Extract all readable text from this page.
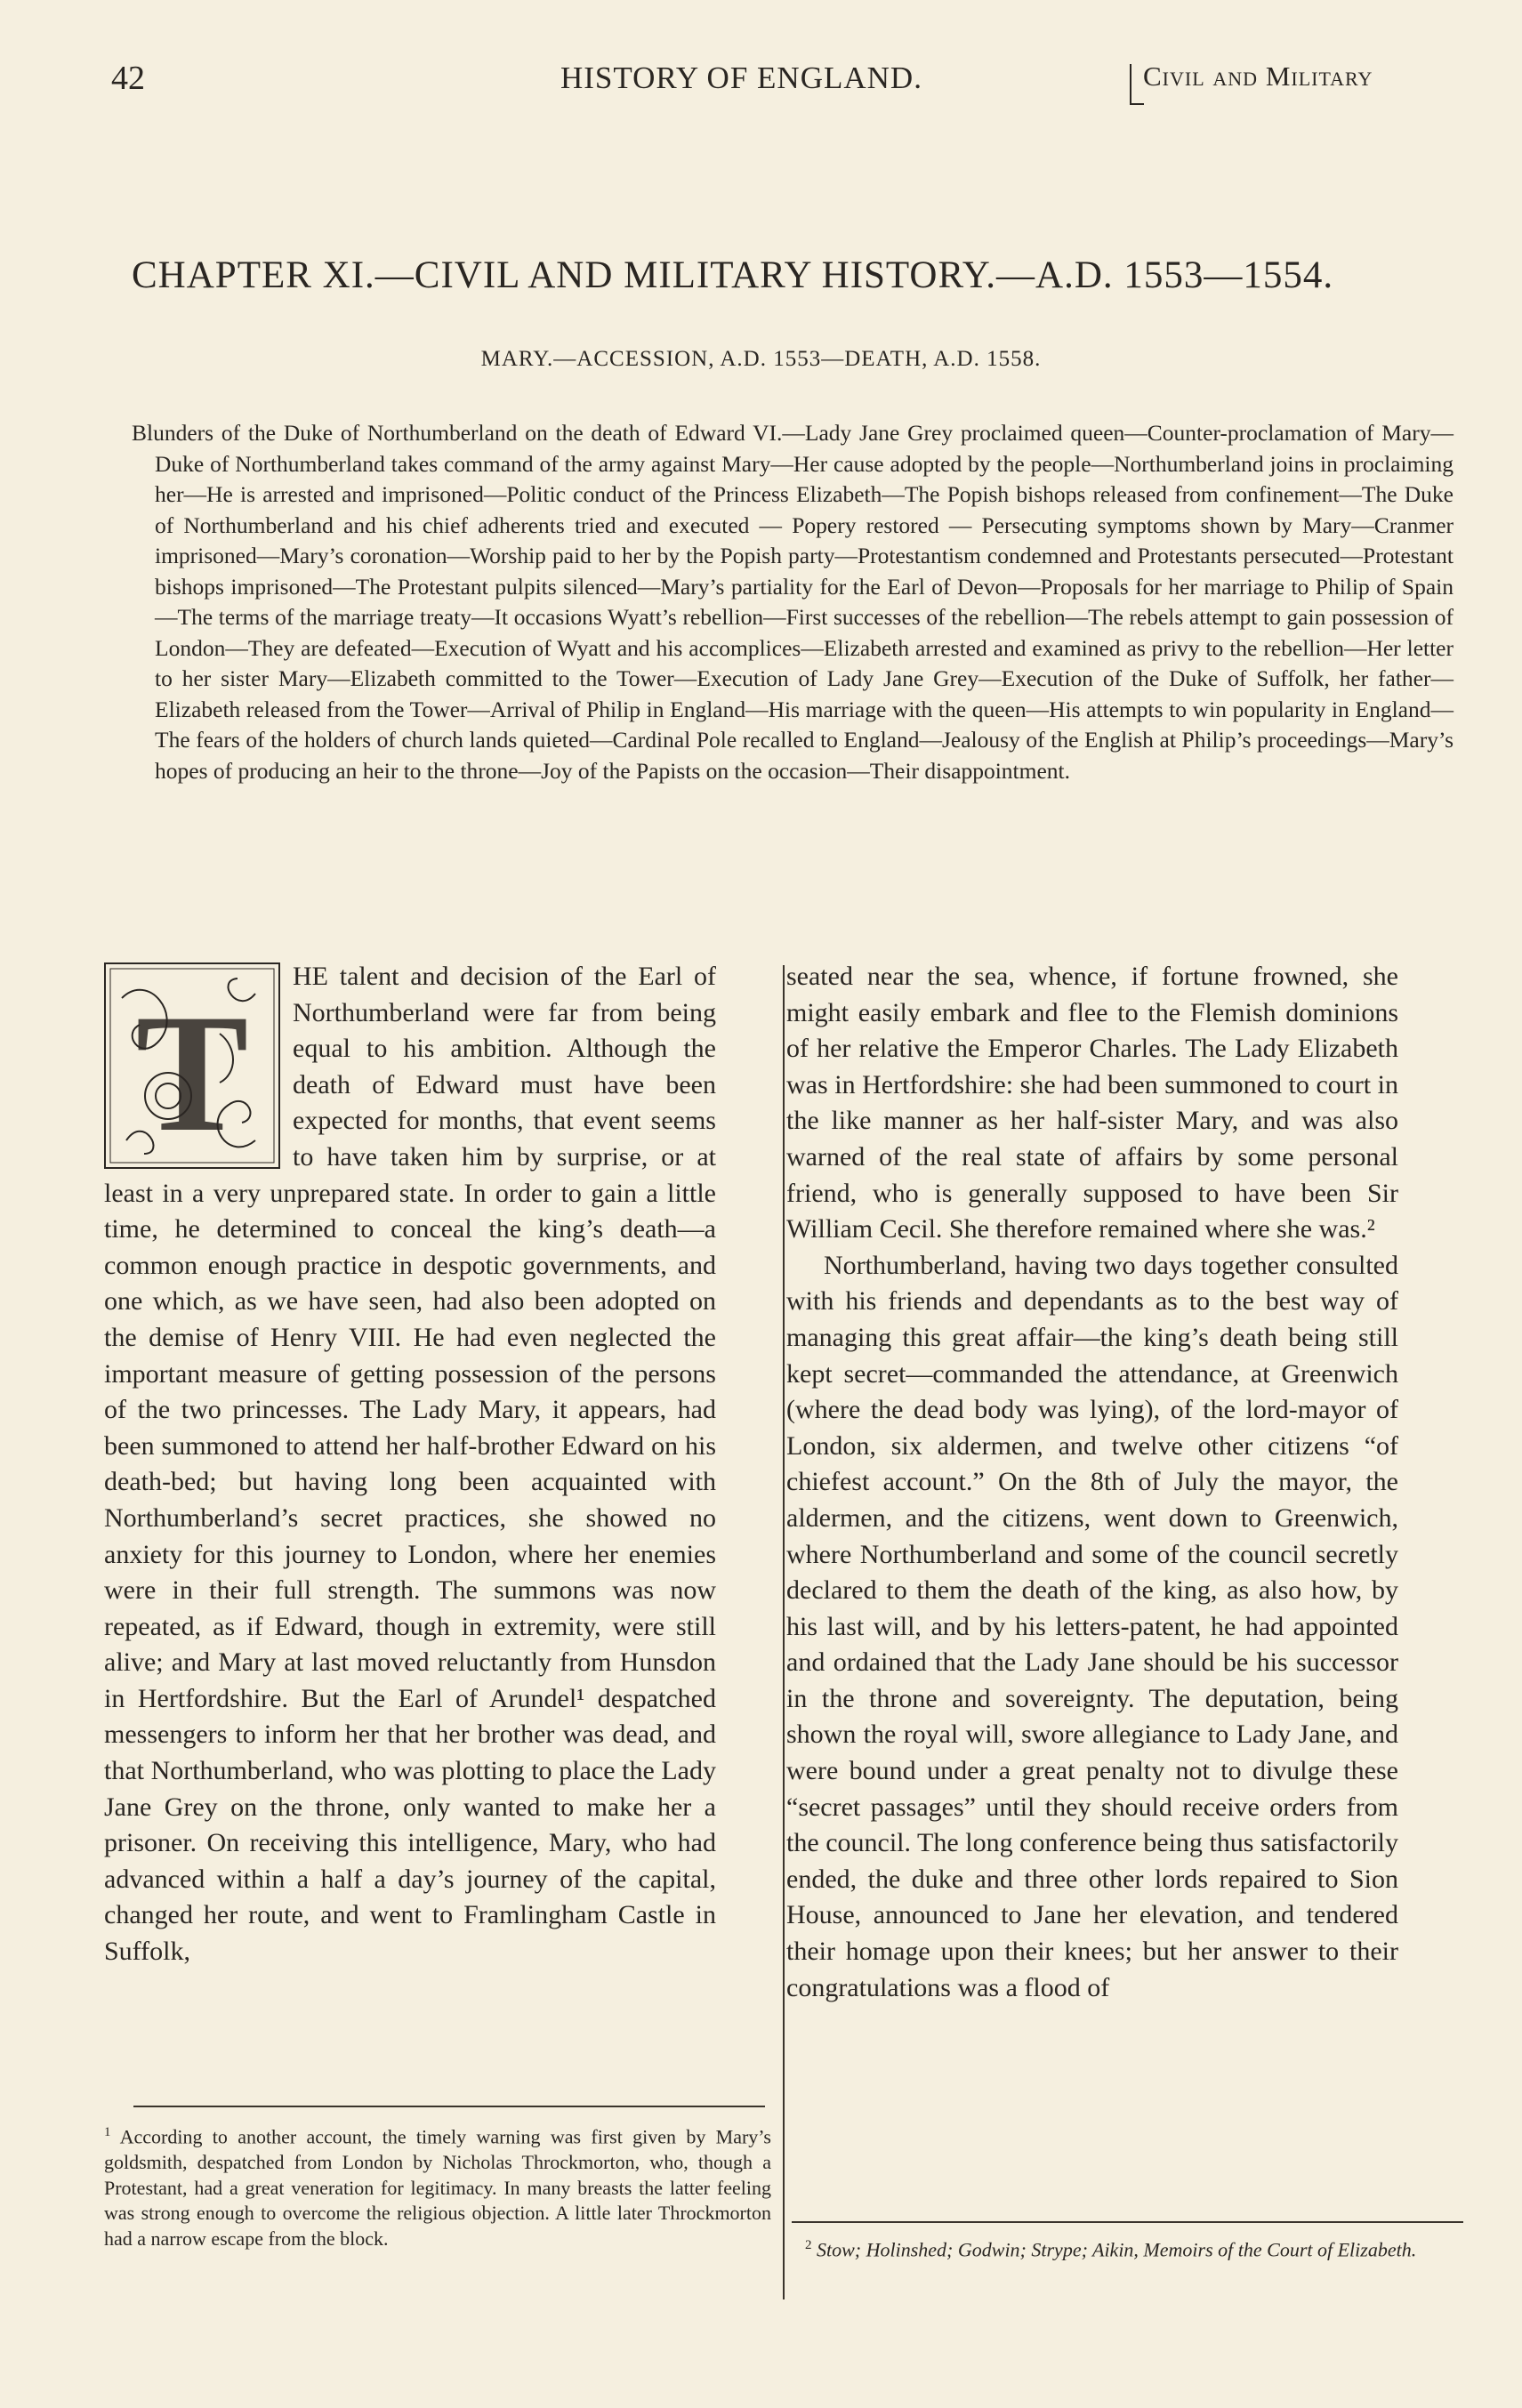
42	HISTORY OF ENGLAND.	Civil and Military
CHAPTER XI.—CIVIL AND MILITARY HISTORY.—A.D. 1553—1554.
MARY.—ACCESSION, A.D. 1553—DEATH, A.D. 1558.
Blunders of the Duke of Northumberland on the death of Edward VI.—Lady Jane Grey proclaimed queen—Counter-proclamation of Mary—Duke of Northumberland takes command of the army against Mary—Her cause adopted by the people—Northumberland joins in proclaiming her—He is arrested and imprisoned—Politic conduct of the Princess Elizabeth—The Popish bishops released from confinement—The Duke of Northumberland and his chief adherents tried and executed — Popery restored — Persecuting symptoms shown by Mary—Cranmer imprisoned—Mary’s coronation—Worship paid to her by the Popish party—Protestantism condemned and Protestants persecuted—Protestant bishops imprisoned—The Protestant pulpits silenced—Mary’s partiality for the Earl of Devon—Proposals for her marriage to Philip of Spain—The terms of the marriage treaty—It occasions Wyatt’s rebellion—First successes of the rebellion—The rebels attempt to gain possession of London—They are defeated—Execution of Wyatt and his accomplices—Elizabeth arrested and examined as privy to the rebellion—Her letter to her sister Mary—Elizabeth committed to the Tower—Execution of Lady Jane Grey—Execution of the Duke of Suffolk, her father—Elizabeth released from the Tower—Arrival of Philip in England—His marriage with the queen—His attempts to win popularity in England—The fears of the holders of church lands quieted—Cardinal Pole recalled to England—Jealousy of the English at Philip’s proceedings—Mary’s hopes of producing an heir to the throne—Joy of the Papists on the occasion—Their disappointment.
T

HE talent and decision of the Earl of Northumberland were far from being equal to his ambition. Although the death of Edward must have been expected for months, that event seems to have taken him by surprise, or at least in a very unprepared state. In order to gain a little time, he determined to conceal the king’s death—a common enough practice in despotic governments, and one which, as we have seen, had also been adopted on the demise of Henry VIII. He had even neglected the important measure of getting possession of the persons of the two princesses. The Lady Mary, it appears, had been summoned to attend her half-brother Edward on his death-bed; but having long been acquainted with Northumberland’s secret practices, she showed no anxiety for this journey to London, where her enemies were in their full strength. The summons was now repeated, as if Edward, though in extremity, were still alive; and Mary at last moved reluctantly from Hunsdon in Hertfordshire. But the Earl of Arundel¹ despatched messengers to inform her that her brother was dead, and that Northumberland, who was plotting to place the Lady Jane Grey on the throne, only wanted to make her a prisoner. On receiving this intelligence, Mary, who had advanced within a half a day’s journey of the capital, changed her route, and went to Framlingham Castle in Suffolk,

seated near the sea, whence, if fortune frowned, she might easily embark and flee to the Flemish dominions of her relative the Emperor Charles. The Lady Elizabeth was in Hertfordshire: she had been summoned to court in the like manner as her half-sister Mary, and was also warned of the real state of affairs by some personal friend, who is generally supposed to have been Sir William Cecil. She therefore remained where she was.²

Northumberland, having two days together consulted with his friends and dependants as to the best way of managing this great affair—the king’s death being still kept secret—commanded the attendance, at Greenwich (where the dead body was lying), of the lord-mayor of London, six aldermen, and twelve other citizens “of chiefest account.” On the 8th of July the mayor, the aldermen, and the citizens, went down to Greenwich, where Northumberland and some of the council secretly declared to them the death of the king, as also how, by his last will, and by his letters-patent, he had appointed and ordained that the Lady Jane should be his successor in the throne and sovereignty. The deputation, being shown the royal will, swore allegiance to Lady Jane, and were bound under a great penalty not to divulge these “secret passages” until they should receive orders from the council. The long conference being thus satisfactorily ended, the duke and three other lords repaired to Sion House, announced to Jane her elevation, and tendered their homage upon their knees; but her answer to their congratulations was a flood of

$^1$ According to another account, the timely warning was first given by Mary’s goldsmith, despatched from London by Nicholas Throckmorton, who, though a Protestant, had a great veneration for legitimacy. In many breasts the latter feeling was strong enough to overcome the religious objection. A little later Throckmorton had a narrow escape from the block.	$^2$ Stow; Holinshed; Godwin; Strype; Aikin, Memoirs of the Court of Elizabeth.
